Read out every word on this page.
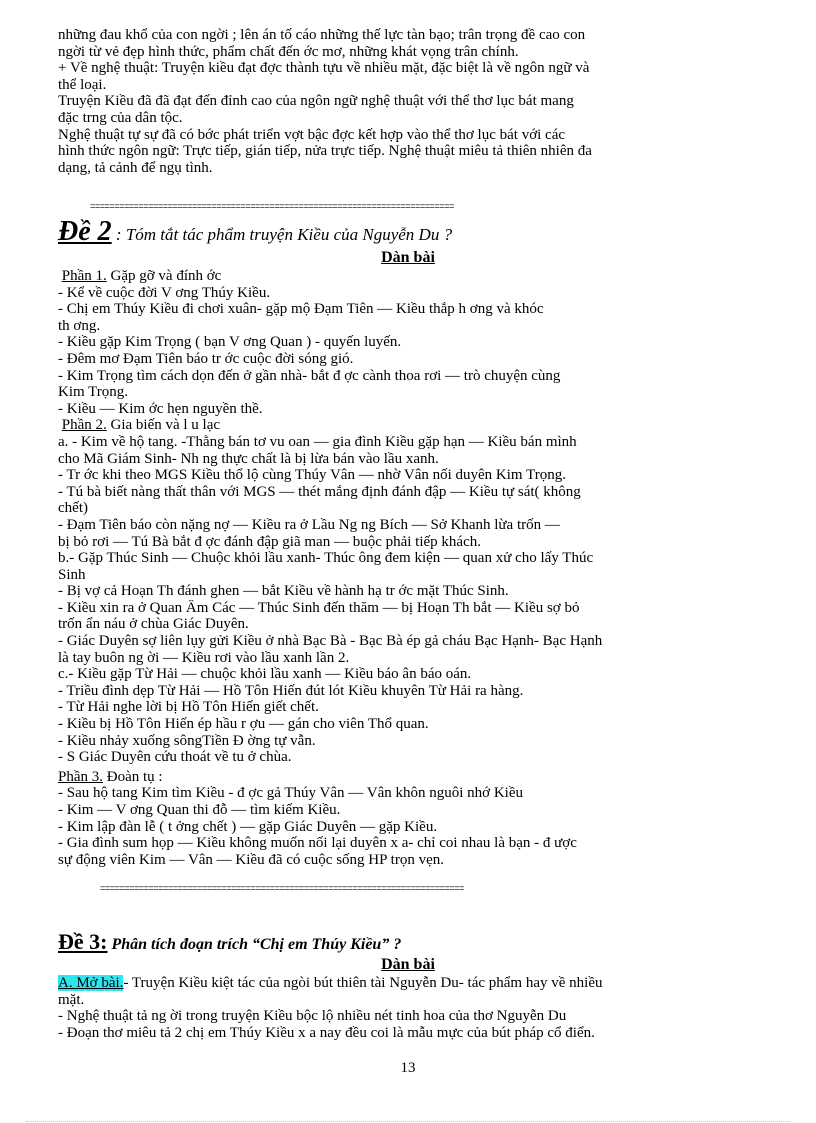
những đau khổ của con ngời ; lên án tố cáo những thế lực tàn bạo; trân trọng đề cao con
ngời từ vẻ đẹp hình thức, phẩm chất đến ớc mơ, những khát vọng trân chính.
+ Về nghệ thuật: Truyện kiều đạt đợc thành tựu về nhiều mặt, đặc biệt là về ngôn ngữ và
thể loại.
Truyện Kiều đã đã đạt đến đỉnh cao của ngôn ngữ nghệ thuật với thể thơ lục bát mang
đặc trng của dân tộc.
Nghệ thuật tự sự đã có bớc phát triển vợt bậc đợc kết hợp vào thể thơ lục bát với các
hình thức ngôn ngữ: Trực tiếp, gián tiếp, nửa trực tiếp. Nghệ thuật miêu tả thiên nhiên đa
dạng, tả cảnh để ngụ tình.
===========================================================================
Đề 2 : Tóm tắt tác phẩm truyện Kiều của Nguyễn Du ?
Dàn bài
Phần 1. Gặp gỡ và đính ớc
- Kể về cuộc đời V ơng Thúy Kiều.
- Chị em Thúy Kiều đi chơi xuân- gặp mộ Đạm Tiên — Kiều thắp h ơng và khóc
th ơng.
- Kiều gặp Kim Trọng ( bạn V ơng Quan ) - quyến luyến.
- Đêm mơ Đạm Tiên báo tr ớc cuộc đời sóng gió.
- Kim Trọng tìm cách dọn đến ở gần nhà- bắt đ ợc cành thoa rơi — trò chuyện cùng
Kim Trọng.
- Kiều — Kim ớc hẹn nguyền thề.
Phần 2. Gia biến và l u lạc
a. - Kim về hộ tang. -Thằng bán tơ vu oan — gia đình Kiều gặp hạn — Kiều bán mình
cho Mã Giám Sinh- Nh ng thực chất là bị lừa bán vào lầu xanh.
- Tr ớc khi theo MGS Kiều thổ lộ cùng Thúy Vân — nhờ Vân nối duyên Kim Trọng.
- Tú bà biết nàng thất thân với MGS — thét mắng định đánh đập — Kiều tự sát( không
chết)
- Đạm Tiên báo còn nặng nợ — Kiều ra ở Lầu Ng ng Bích — Sở Khanh lừa trốn —
bị bỏ rơi — Tú Bà bắt đ ợc đánh đập giã man — buộc phải tiếp khách.
b.- Gặp Thúc Sinh — Chuộc khỏi lầu xanh- Thúc ông đem kiện — quan xử cho lấy Thúc
Sinh
- Bị vợ cả Hoạn Th đánh ghen — bắt Kiều về hành hạ tr ớc mặt Thúc Sinh.
- Kiều xin ra ở Quan Âm Các — Thúc Sinh đến thăm — bị Hoạn Th bắt — Kiều sợ bỏ
trốn ẩn náu ở chùa Giác Duyên.
- Giác Duyên sợ liên lụy gửi Kiều ở nhà Bạc Bà - Bạc Bà ép gả cháu Bạc Hạnh- Bạc Hạnh
là tay buôn ng ời — Kiều rơi vào lầu xanh lần 2.
c.- Kiều gặp Từ Hải — chuộc khỏi lầu xanh — Kiều báo ân báo oán.
- Triều đình dẹp Từ Hải — Hồ Tôn Hiến đút lót Kiều khuyên Từ Hải ra hàng.
- Từ Hải nghe lời bị Hồ Tôn Hiến giết chết.
- Kiều bị Hồ Tôn Hiến ép hầu r ợu — gán cho viên Thổ quan.
- Kiều nhảy xuống sôngTiền Đ ờng tự vẫn.
- S Giác Duyên cứu thoát về tu ở chùa.
Phần 3. Đoàn tụ :
- Sau hộ tang Kim tìm Kiều - đ ợc gả Thúy Vân — Vân khôn nguôi nhớ Kiều
- Kim — V ơng Quan thi đỗ — tìm kiếm Kiều.
- Kim lập đàn lễ ( t ởng chết ) — gặp Giác Duyên — gặp Kiều.
- Gia đình sum họp — Kiều không muốn nối lại duyên x a- chỉ coi nhau là bạn - đ ược
sự động viên Kim — Vân — Kiều đã có cuộc sống HP trọn vẹn.
===========================================================================
Đề 3: Phân tích đoạn trích “Chị em Thúy Kiều” ?
Dàn bài
A. Mở bài.- Truyện Kiều kiệt tác của ngòi bút thiên tài Nguyễn Du- tác phẩm hay về nhiều
mặt.
- Nghệ thuật tả ng ời trong truyện Kiều bộc lộ nhiều nét tinh hoa của thơ Nguyễn Du
- Đoạn thơ miêu tả 2 chị em Thúy Kiều x a nay đều coi là mẫu mực của bút pháp cổ điển.
13
